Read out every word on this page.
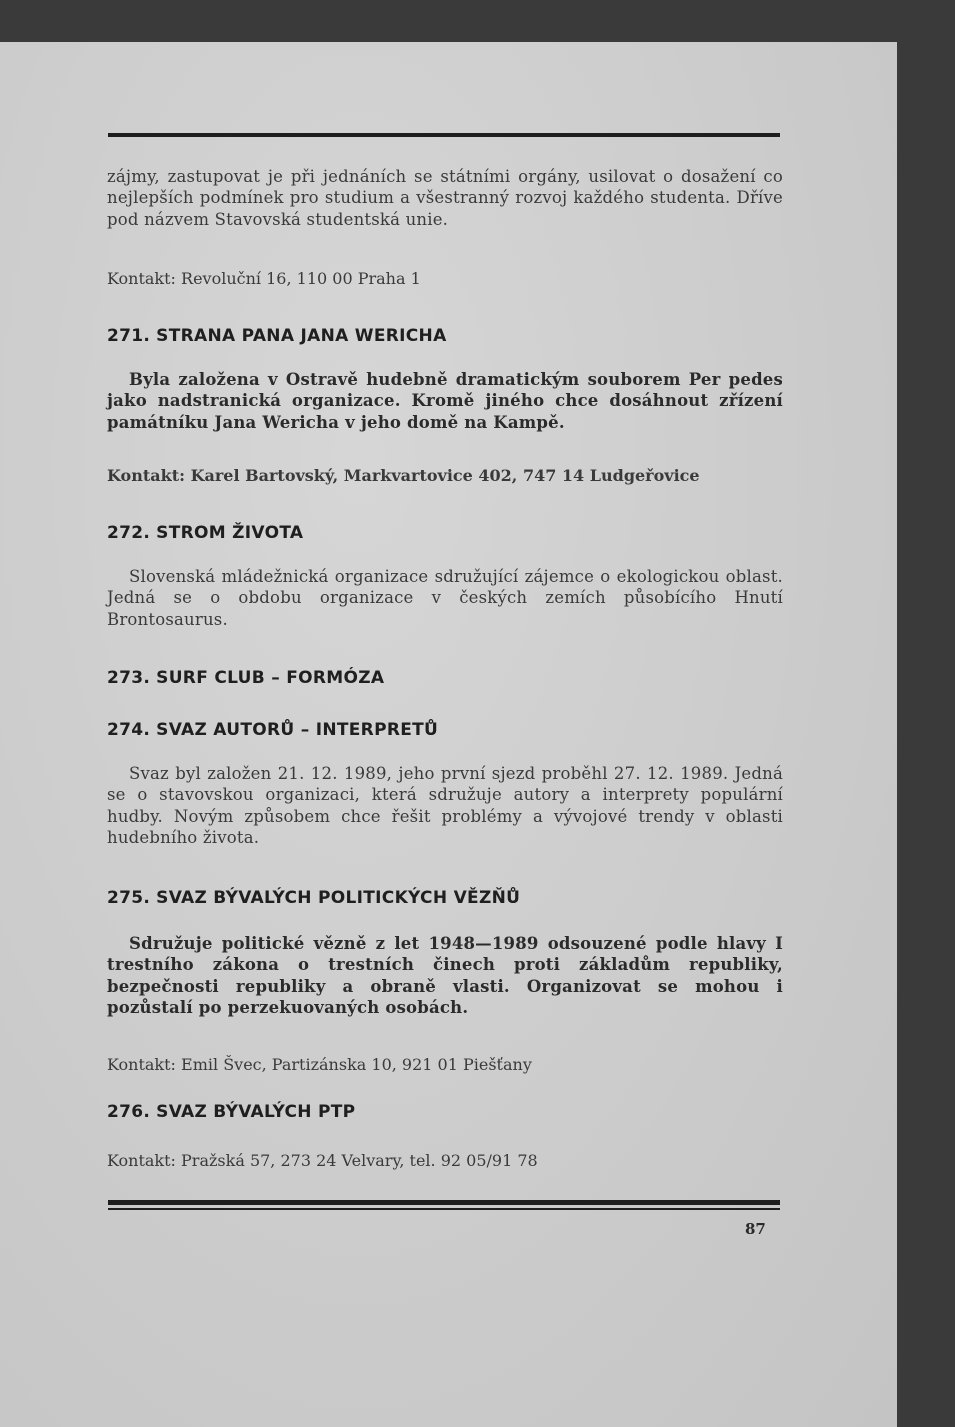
zájmy, zastupovat je při jednáních se státními orgány, usilovat o dosažení co nejlepších podmínek pro studium a všestranný rozvoj každého studenta. Dříve pod názvem Stavovská studentská unie.
Kontakt: Revoluční 16, 110 00 Praha 1
271. STRANA PANA JANA WERICHA
Byla založena v Ostravě hudebně dramatickým souborem Per pedes jako nadstranická organizace. Kromě jiného chce dosáhnout zřízení památníku Jana Wericha v jeho domě na Kampě.
Kontakt: Karel Bartovský, Markvartovice 402, 747 14 Ludgeřovice
272. STROM ŽIVOTA
Slovenská mládežnická organizace sdružující zájemce o ekologickou oblast. Jedná se o obdobu organizace v českých zemích působícího Hnutí Brontosaurus.
273. SURF CLUB – FORMÓZA
274. SVAZ AUTORŮ – INTERPRETŮ
Svaz byl založen 21. 12. 1989, jeho první sjezd proběhl 27. 12. 1989. Jedná se o stavovskou organizaci, která sdružuje autory a interprety populární hudby. Novým způsobem chce řešit problémy a vývojové trendy v oblasti hudebního života.
275. SVAZ BÝVALÝCH POLITICKÝCH VĚZŇŮ
Sdružuje politické vězně z let 1948—1989 odsouzené podle hlavy I trestního zákona o trestních činech proti základům republiky, bezpečnosti republiky a obraně vlasti. Organizovat se mohou i pozůstalí po perzekuovaných osobách.
Kontakt: Emil Švec, Partizánska 10, 921 01 Piešťany
276. SVAZ BÝVALÝCH PTP
Kontakt: Pražská 57, 273 24 Velvary, tel. 92 05/91 78
87
